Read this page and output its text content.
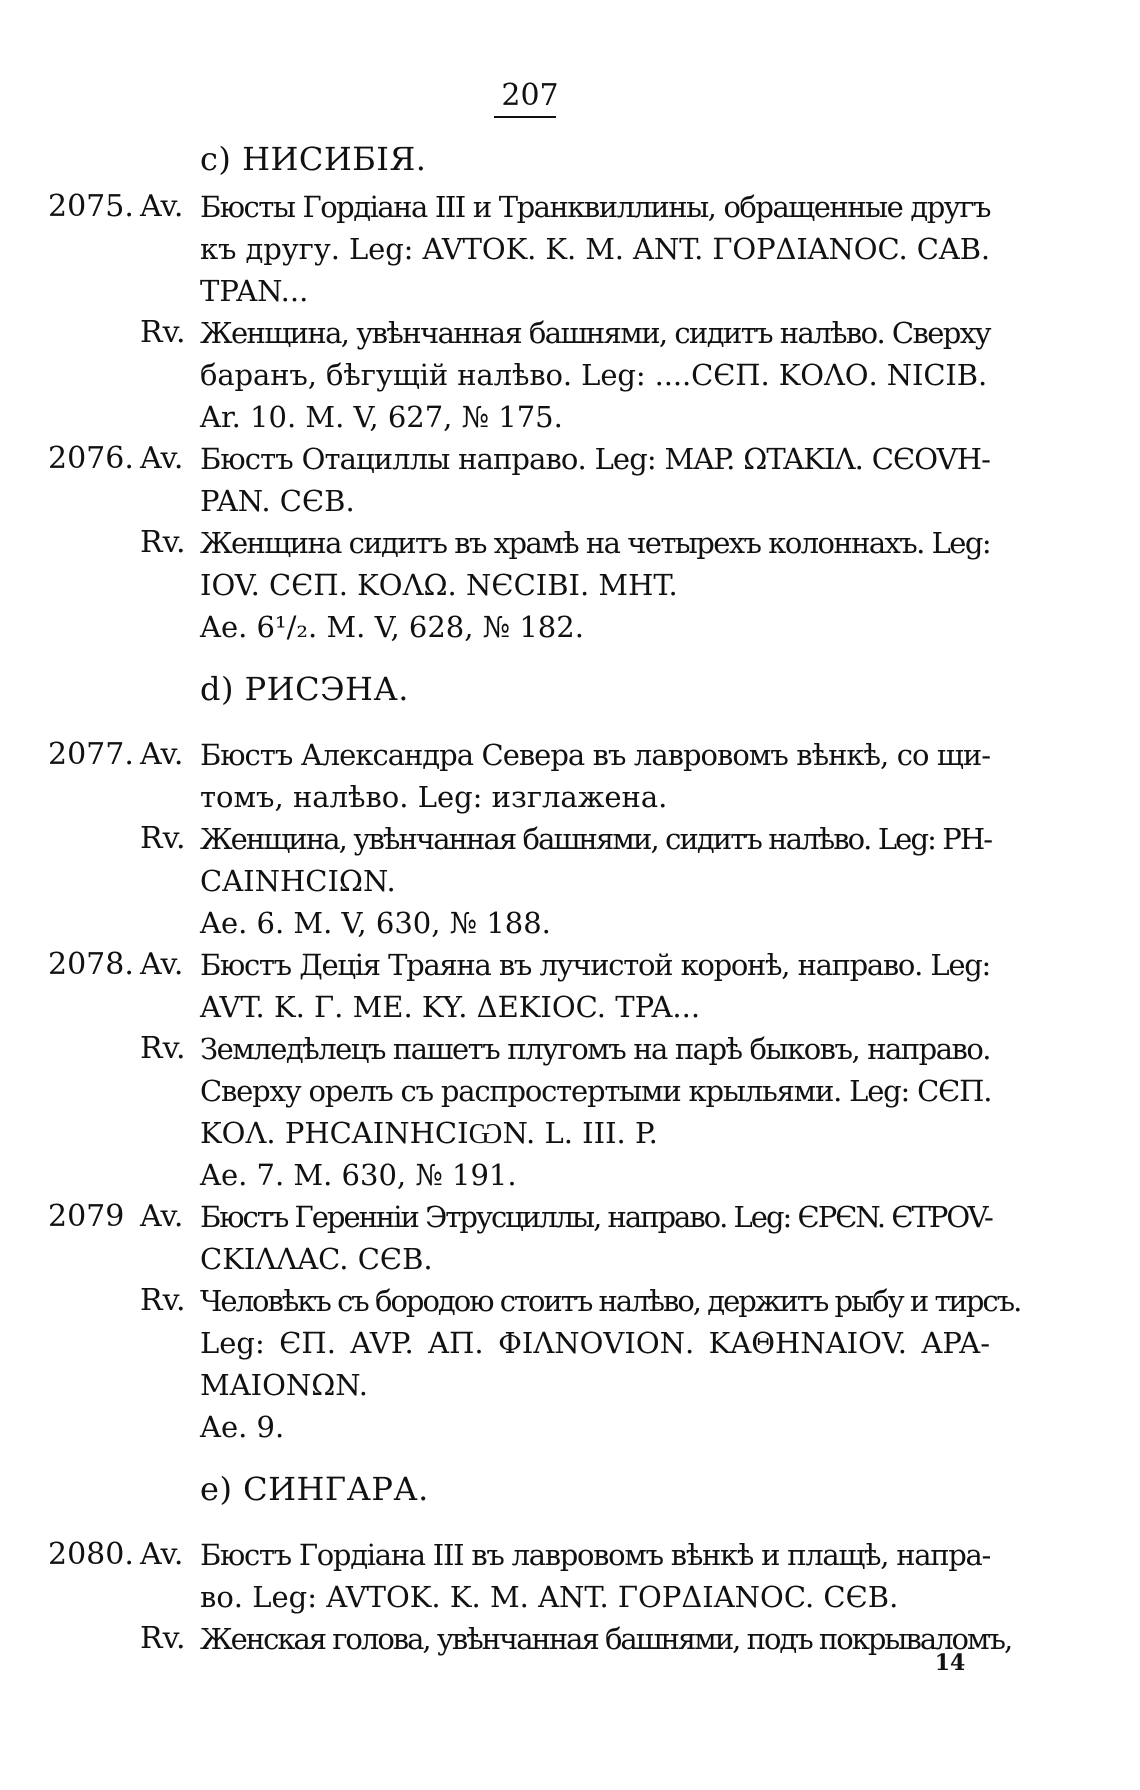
207
c) НИСИБІЯ.
2075. Av. Бюсты Гордіана III и Транквиллины, обращенные другъ
къ другу. Leg: AVTOK. K. M. ANT. ΓΟΡΔΙΑΝΟC. CAB.
TPAN...
Rv. Женщина, увѣнчанная башнями, сидитъ налѣво. Сверху
баранъ, бѣгущій налѣво. Leg: ....CЄП. ΚΟΛΟ. NICIB.
Ar. 10. M. V, 627, № 175.
2076. Av. Бюстъ Отациллы направо. Leg: MAP. ΩTAKIΛ. CЄOVH-
PAN. CЄB.
Rv. Женщина сидитъ въ храмѣ на четырехъ колоннахъ. Leg:
IOV. CЄП. ΚΟΛΩ. NЄCIBI. MHT.
Ae. 6¹/₂. M. V, 628, № 182.
d) РИСЭНА.
2077. Av. Бюстъ Александра Севера въ лавровомъ вѣнкѣ, со щи-
томъ, налѣво. Leg: изглажена.
Rv. Женщина, увѣнчанная башнями, сидитъ налѣво. Leg: PH-
CAINHCIΩN.
Ae. 6. M. V, 630, № 188.
2078. Av. Бюстъ Деція Траяна въ лучистой коронѣ, направо. Leg:
AVT. K. Γ. ME. KY. ΔΕΚΙΟC. TPA...
Rv. Земледѣлецъ пашетъ плугомъ на парѣ быковъ, направо.
Сверху орелъ съ распростертыми крыльями. Leg: CЄП.
ΚΟΛ. PHCAINHCIѠN. L. III. P.
Ae. 7. M. 630, № 191.
2079 Av. Бюстъ Геренніи Этрусциллы, направо. Leg: ЄPЄN. ЄTPOV-
CKIΛΛAC. CЄB.
Rv. Человѣкъ съ бородою стоитъ налѣво, держитъ рыбу и тирсъ.
Leg: ЄП. AVP. AΠ. ΦΙΛΝΟVΙΟΝ. ΚΑΘΗΝΑΙΟV. APA-
MAIONΩN.
Ae. 9.
e) СИНГАРА.
2080. Av. Бюстъ Гордіана III въ лавровомъ вѣнкѣ и плащѣ, напра-
во. Leg: AVTOK. K. M. ANT. ΓΟΡΔΙΑΝΟC. CЄB.
Rv. Женская голова, увѣнчанная башнями, подъ покрываломъ,
14
